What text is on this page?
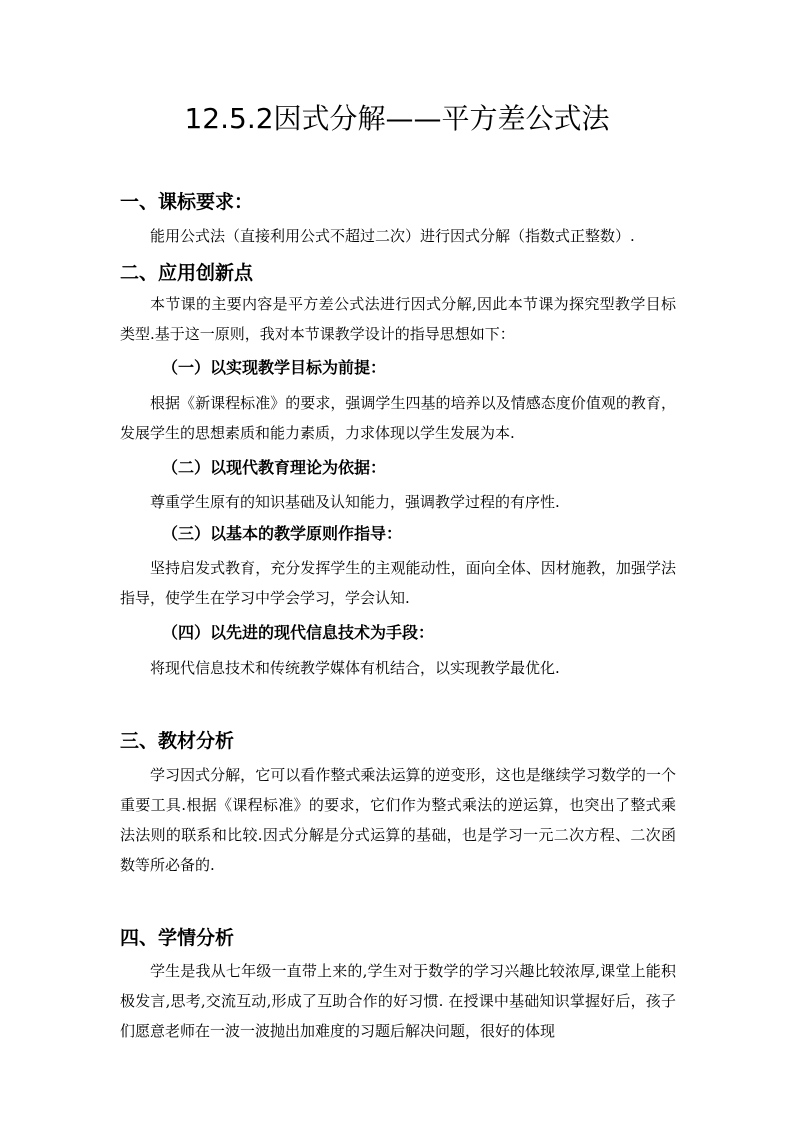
12.5.2因式分解——平方差公式法
一、课标要求：

能用公式法（直接利用公式不超过二次）进行因式分解（指数式正整数）.

二、应用创新点

本节课的主要内容是平方差公式法进行因式分解,因此本节课为探究型教学目标类型.基于这一原则，我对本节课教学设计的指导思想如下：

（一）以实现教学目标为前提：

根据《新课程标准》的要求，强调学生四基的培养以及情感态度价值观的教育，发展学生的思想素质和能力素质，力求体现以学生发展为本.

（二）以现代教育理论为依据：

尊重学生原有的知识基础及认知能力，强调教学过程的有序性.

（三）以基本的教学原则作指导：

坚持启发式教育，充分发挥学生的主观能动性，面向全体、因材施教，加强学法指导，使学生在学习中学会学习，学会认知.

（四）以先进的现代信息技术为手段：

将现代信息技术和传统教学媒体有机结合，以实现教学最优化.

三、教材分析

学习因式分解，它可以看作整式乘法运算的逆变形，这也是继续学习数学的一个重要工具.根据《课程标准》的要求，它们作为整式乘法的逆运算，也突出了整式乘法法则的联系和比较.因式分解是分式运算的基础，也是学习一元二次方程、二次函数等所必备的.

四、学情分析

学生是我从七年级一直带上来的,学生对于数学的学习兴趣比较浓厚,课堂上能积极发言,思考,交流互动,形成了互助合作的好习惯. 在授课中基础知识掌握好后，孩子们愿意老师在一波一波抛出加难度的习题后解决问题，很好的体现
